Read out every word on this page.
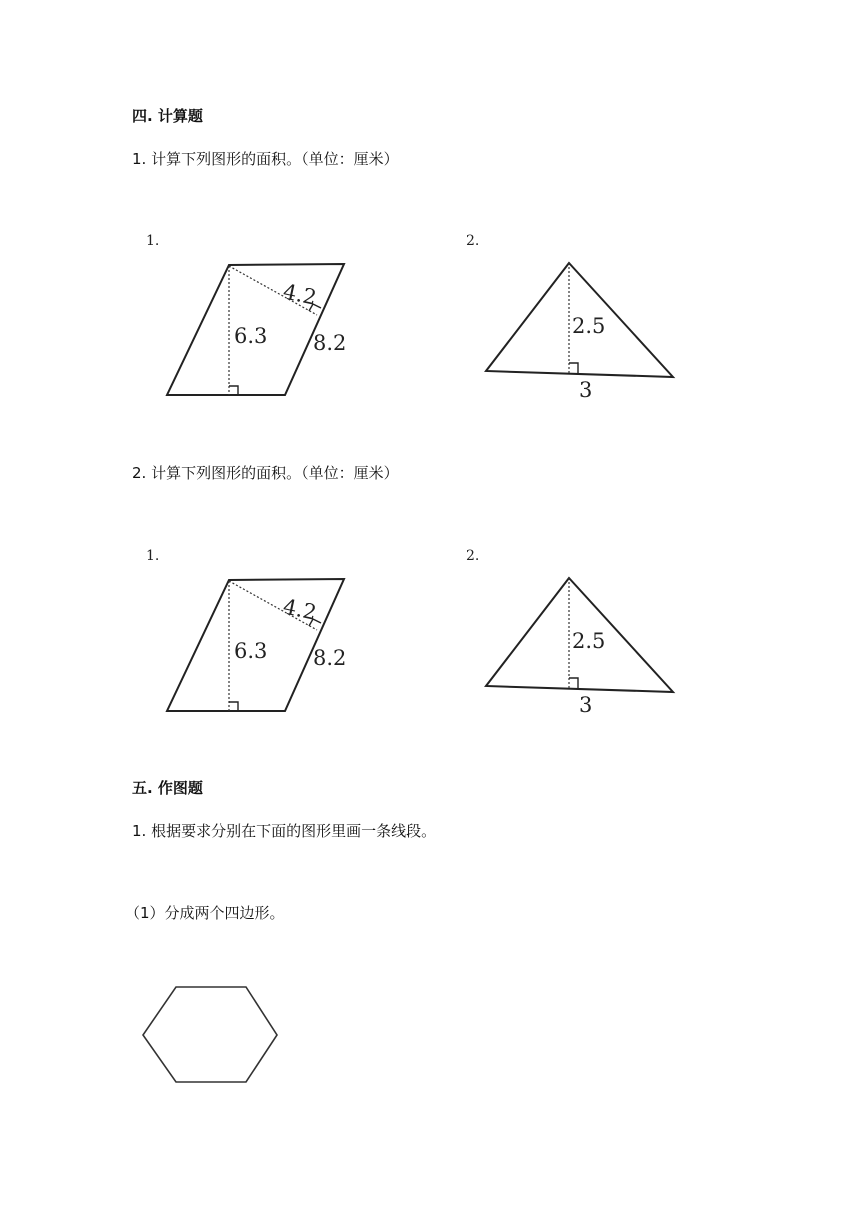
四. 计算题
1. 计算下列图形的面积。（单位：厘米）
1.
4.2
6.3 8.2
2.
2.5
3
2. 计算下列图形的面积。（单位：厘米）
1.
4.2
6.3 8.2
2.
2.5
3
五. 作图题
1. 根据要求分别在下面的图形里画一条线段。
（1）分成两个四边形。
